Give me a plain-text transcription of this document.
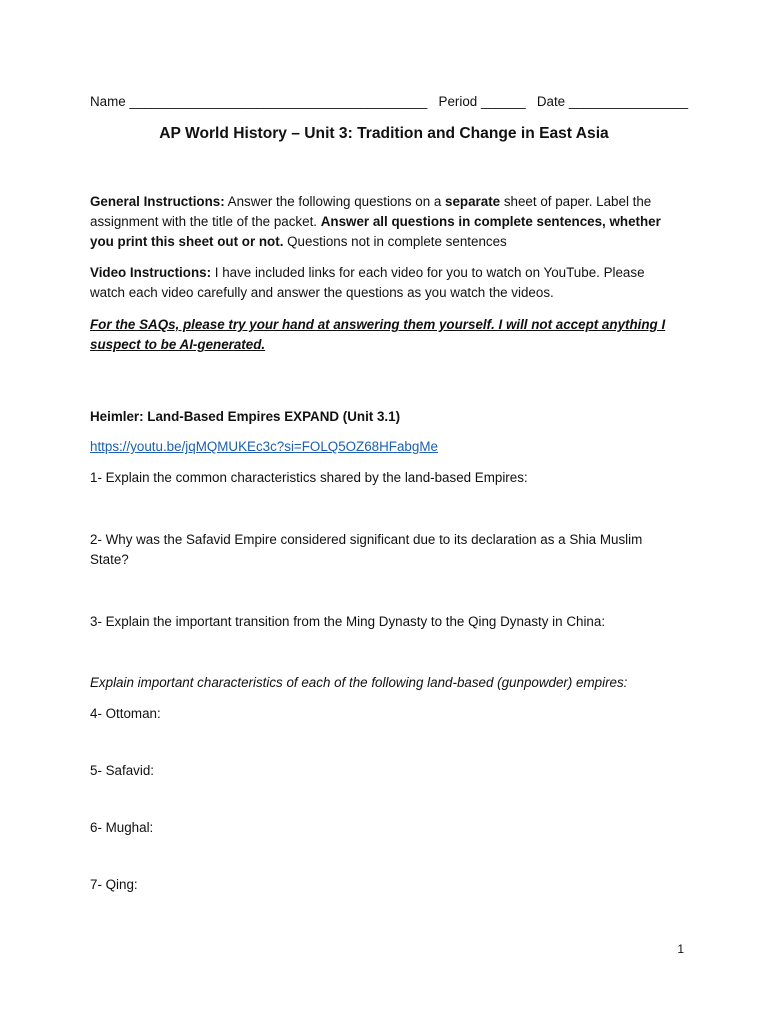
Name ________________________________________ Period ______ Date ________________
AP World History – Unit 3: Tradition and Change in East Asia
General Instructions: Answer the following questions on a separate sheet of paper. Label the assignment with the title of the packet. Answer all questions in complete sentences, whether you print this sheet out or not. Questions not in complete sentences
Video Instructions: I have included links for each video for you to watch on YouTube. Please watch each video carefully and answer the questions as you watch the videos.
For the SAQs, please try your hand at answering them yourself. I will not accept anything I suspect to be AI-generated.
Heimler: Land-Based Empires EXPAND (Unit 3.1)
https://youtu.be/jqMQMUKEc3c?si=FOLQ5OZ68HFabgMe
1- Explain the common characteristics shared by the land-based Empires:
2- Why was the Safavid Empire considered significant due to its declaration as a Shia Muslim State?
3- Explain the important transition from the Ming Dynasty to the Qing Dynasty in China:
Explain important characteristics of each of the following land-based (gunpowder) empires:
4- Ottoman:
5- Safavid:
6- Mughal:
7- Qing:
1
